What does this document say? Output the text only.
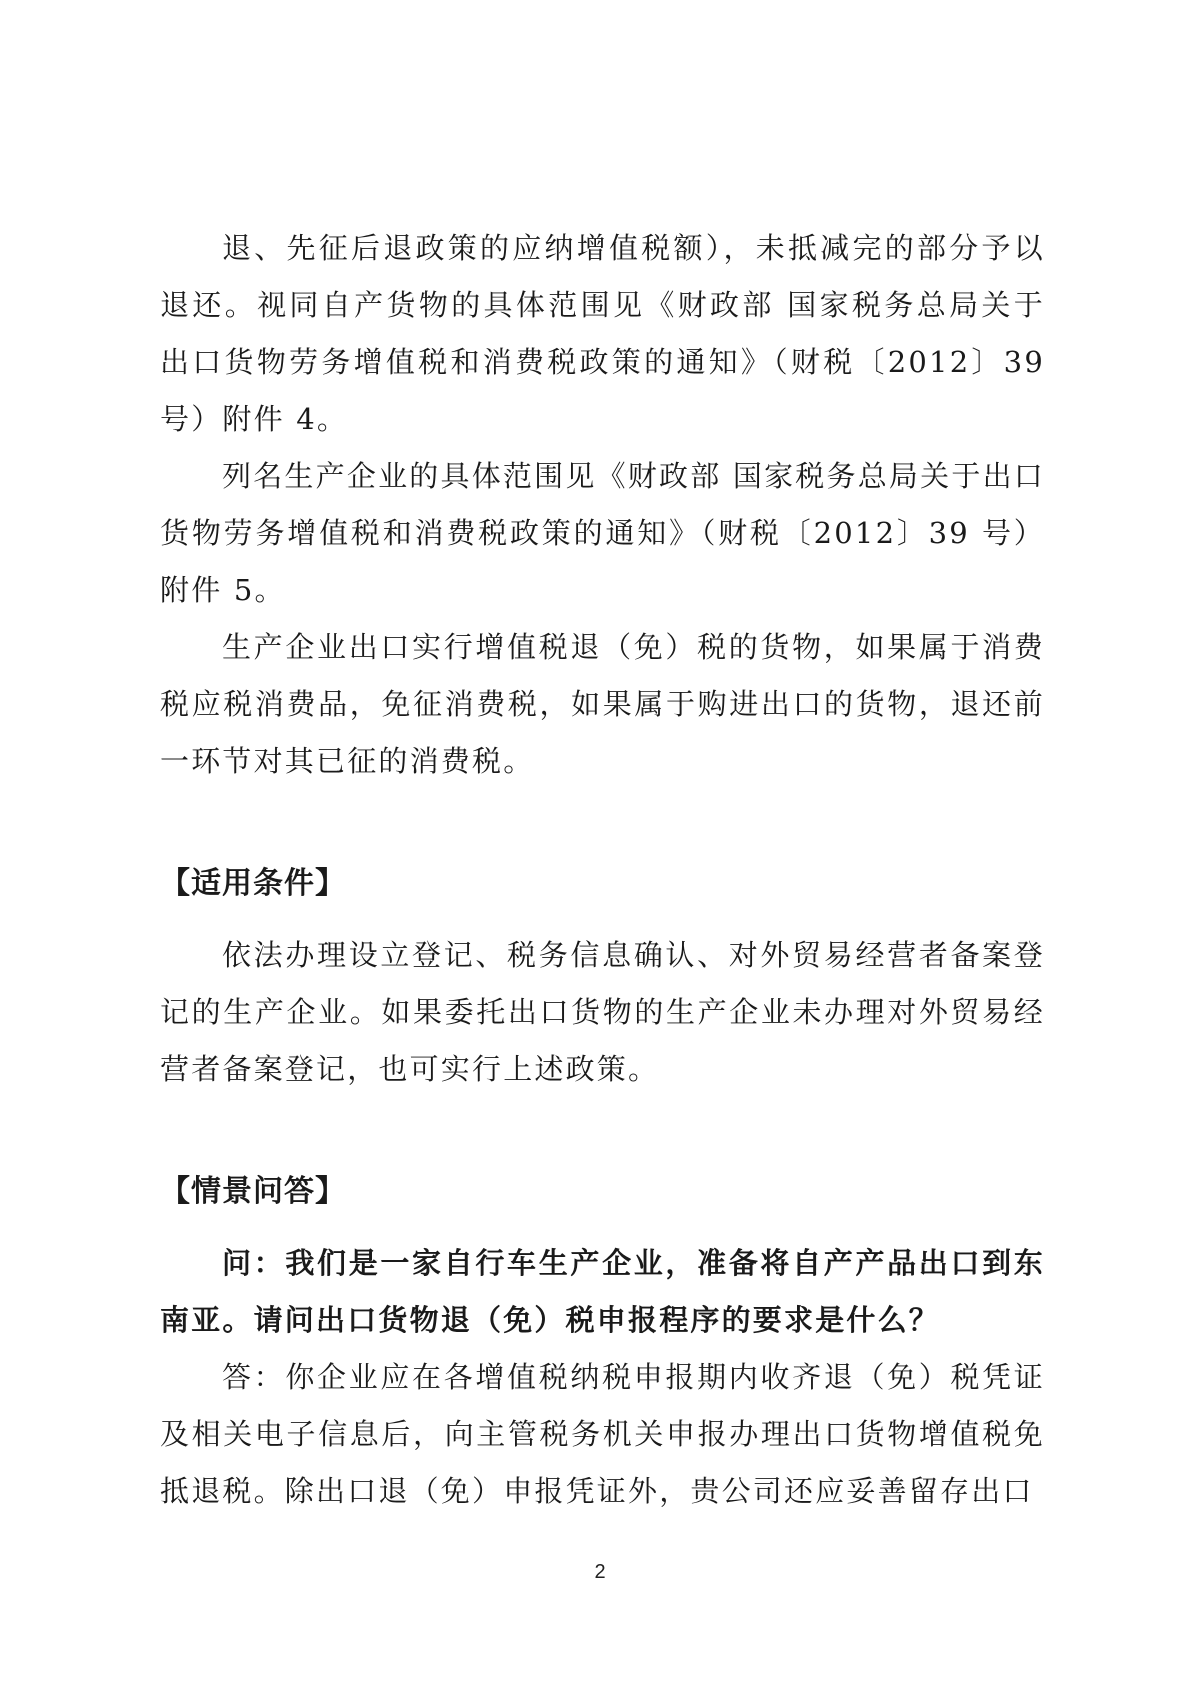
退、先征后退政策的应纳增值税额），未抵减完的部分予以退还。视同自产货物的具体范围见《财政部 国家税务总局关于出口货物劳务增值税和消费税政策的通知》（财税〔2012〕39号）附件 4。

列名生产企业的具体范围见《财政部 国家税务总局关于出口货物劳务增值税和消费税政策的通知》（财税〔2012〕39 号）附件 5。

生产企业出口实行增值税退（免）税的货物，如果属于消费税应税消费品，免征消费税，如果属于购进出口的货物，退还前一环节对其已征的消费税。

【适用条件】

依法办理设立登记、税务信息确认、对外贸易经营者备案登记的生产企业。如果委托出口货物的生产企业未办理对外贸易经营者备案登记，也可实行上述政策。

【情景问答】

问：我们是一家自行车生产企业，准备将自产产品出口到东南亚。请问出口货物退（免）税申报程序的要求是什么？

答：你企业应在各增值税纳税申报期内收齐退（免）税凭证及相关电子信息后，向主管税务机关申报办理出口货物增值税免抵退税。除出口退（免）申报凭证外，贵公司还应妥善留存出口

2
